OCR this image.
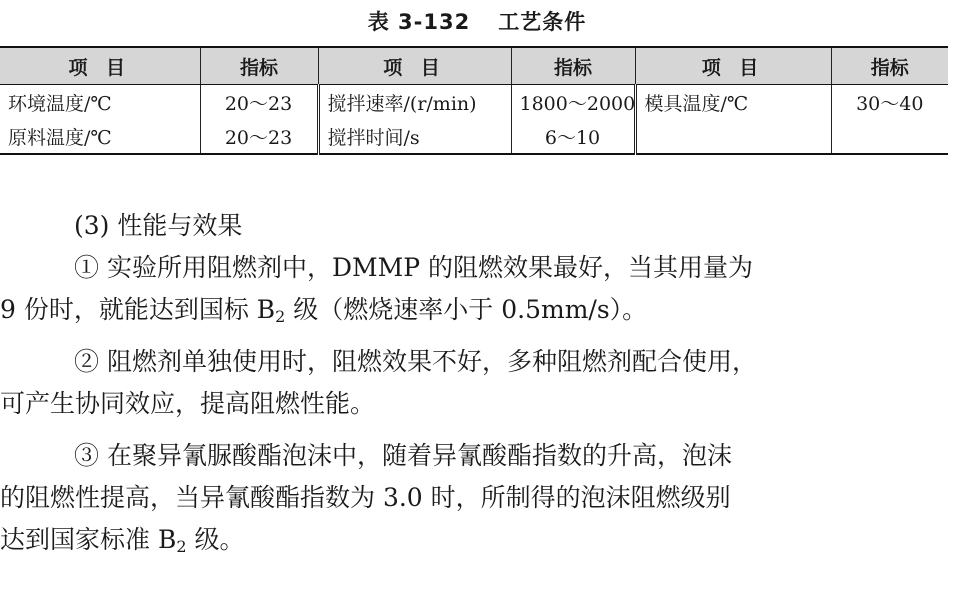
表 3-132 工艺条件
项 目	指标	项 目	指标	项 目	指标
环境温度/℃	20～23	搅拌速率/(r/min)	1800～2000	模具温度/℃	30～40
原料温度/℃	20～23	搅拌时间/s	6～10		

(3) 性能与效果

① 实验所用阻燃剂中，DMMP 的阻燃效果最好，当其用量为

9 份时，就能达到国标 $B_2$ 级（燃烧速率小于 0.5mm/s）。

② 阻燃剂单独使用时，阻燃效果不好，多种阻燃剂配合使用，

可产生协同效应，提高阻燃性能。

③ 在聚异氰脲酸酯泡沫中，随着异氰酸酯指数的升高，泡沫

的阻燃性提高，当异氰酸酯指数为 3.0 时，所制得的泡沫阻燃级别

达到国家标准 $B_2$ 级。
